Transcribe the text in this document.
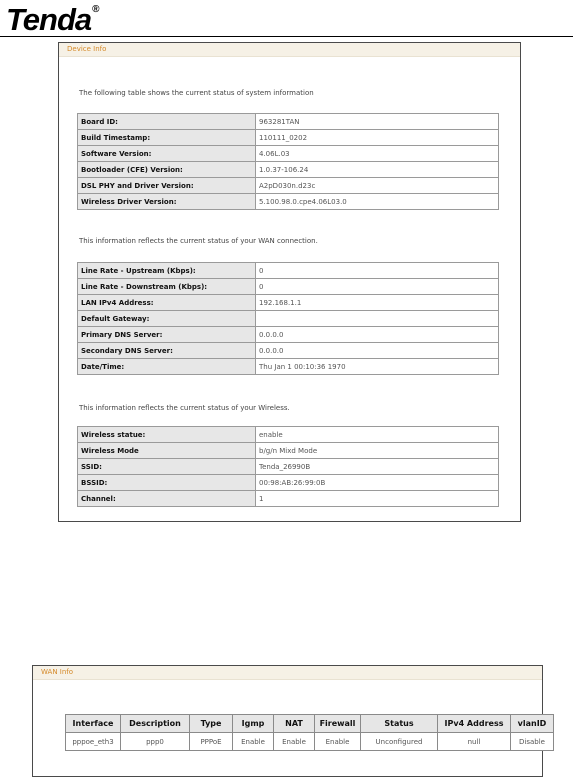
Tenda®
Device Info
The following table shows the current status of system information
Board ID:	963281TAN
Build Timestamp:	110111_0202
Software Version:	4.06L.03
Bootloader (CFE) Version:	1.0.37-106.24
DSL PHY and Driver Version:	A2pD030n.d23c
Wireless Driver Version:	5.100.98.0.cpe4.06L03.0
This information reflects the current status of your WAN connection.
Line Rate - Upstream (Kbps):	0
Line Rate - Downstream (Kbps):	0
LAN IPv4 Address:	192.168.1.1
Default Gateway:	
Primary DNS Server:	0.0.0.0
Secondary DNS Server:	0.0.0.0
Date/Time:	Thu Jan 1 00:10:36 1970
This information reflects the current status of your Wireless.
Wireless statue:	enable
Wireless Mode	b/g/n Mixd Mode
SSID:	Tenda_26990B
BSSID:	00:98:AB:26:99:0B
Channel:	1
WAN Info
Interface	Description	Type	Igmp	NAT	Firewall	Status	IPv4 Address	vlanID
pppoe_eth3	ppp0	PPPoE	Enable	Enable	Enable	Unconfigured	null	Disable
